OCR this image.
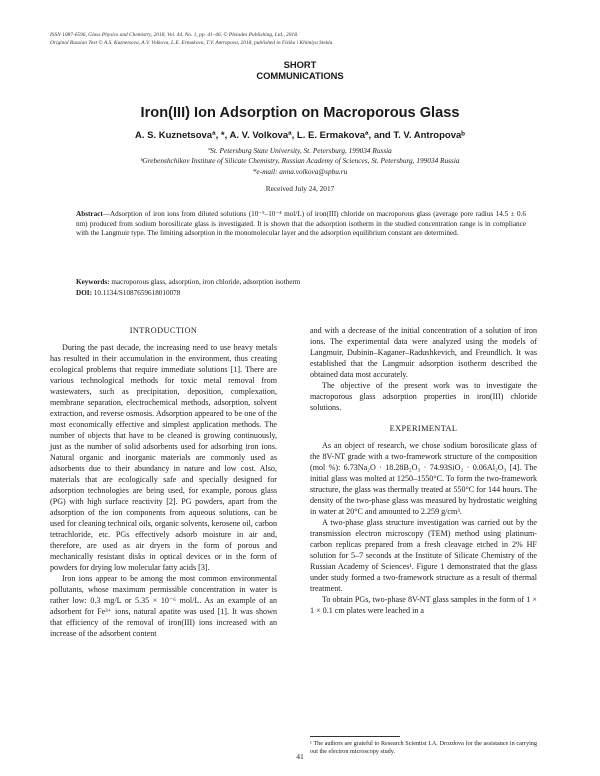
ISSN 1087-6596, Glass Physics and Chemistry, 2018, Vol. 44, No. 1, pp. 41–46. © Pleiades Publishing, Ltd., 2018.
Original Russian Text © A.S. Kuznetsova, A.V. Volkova, L.E. Ermakova, T.V. Antropova, 2018, published in Fizika i Khimiya Stekla.
SHORT
COMMUNICATIONS
Iron(III) Ion Adsorption on Macroporous Glass
A. S. Kuznetsovaª, *, A. V. Volkovaª, L. E. Ermakovaª, and T. V. Antropovaᵇ
ªSt. Petersburg State University, St. Petersburg, 199034 Russia
ᵇGrebenshchikov Institute of Silicate Chemistry, Russian Academy of Sciences, St. Petersburg, 199034 Russia
*e-mail: anna.volkova@spbu.ru
Received July 24, 2017
Abstract—Adsorption of iron ions from diluted solutions (10⁻⁵–10⁻⁴ mol/L) of iron(III) chloride on macroporous glass (average pore radius 14.5 ± 0.6 nm) produced from sodium borosilicate glass is investigated. It is shown that the adsorption isotherm in the studied concentration range is in compliance with the Langmuir type. The limiting adsorption in the monomolecular layer and the adsorption equilibrium constant are determined.
Keywords: macroporous glass, adsorption, iron chloride, adsorption isotherm
DOI: 10.1134/S1087659618010078
INTRODUCTION

During the past decade, the increasing need to use heavy metals has resulted in their accumulation in the environment, thus creating ecological problems that require immediate solutions [1]. There are various technological methods for toxic metal removal from wastewaters, such as precipitation, deposition, complexation, membrane separation, electrochemical methods, adsorption, solvent extraction, and reverse osmosis. Adsorption appeared to be one of the most economically effective and simplest application methods. The number of objects that have to be cleaned is growing continuously, just as the number of solid adsorbents used for adsorbing iron ions. Natural organic and inorganic materials are commonly used as adsorbents due to their abundancy in nature and low cost. Also, materials that are ecologically safe and specially designed for adsorption technologies are being used, for example, porous glass (PG) with high surface reactivity [2]. PG powders, apart from the adsorption of the ion components from aqueous solutions, can be used for cleaning technical oils, organic solvents, kerosene oil, carbon tetrachloride, etc. PGs effectively adsorb moisture in air and, therefore, are used as air dryers in the form of porous and mechanically resistant disks in optical devices or in the form of powders for drying low molecular fatty acids [3].

Iron ions appear to be among the most common environmental pollutants, whose maximum permissible concentration in water is rather low: 0.3 mg/L or 5.35 × 10⁻⁶ mol/L. As an example of an adsorbent for Fe³⁺ ions, natural apatite was used [1]. It was shown that efficiency of the removal of iron(III) ions increased with an increase of the adsorbent content

and with a decrease of the initial concentration of a solution of iron ions. The experimental data were analyzed using the models of Langmuir, Dubinin–Kaganer–Radushkevich, and Freundlich. It was established that the Langmuir adsorption isotherm described the obtained data most accurately.

The objective of the present work was to investigate the macroporous glass adsorption properties in iron(III) chloride solutions.

EXPERIMENTAL

As an object of research, we chose sodium borosilicate glass of the 8V-NT grade with a two-framework structure of the composition (mol %): 6.73Na₂O · 18.28B₂O₃ · 74.93SiO₂ · 0.06Al₂O₃ [4]. The initial glass was molted at 1250–1550°C. To form the two-framework structure, the glass was thermally treated at 550°C for 144 hours. The density of the two-phase glass was measured by hydrostatic weighing in water at 20°C and amounted to 2.259 g/cm³.

A two-phase glass structure investigation was carried out by the transmission electron microscopy (TEM) method using platinum-carbon replicas prepared from a fresh cleavage etched in 2% HF solution for 5–7 seconds at the Institute of Silicate Chemistry of the Russian Academy of Sciences¹. Figure 1 demonstrated that the glass under study formed a two-framework structure as a result of thermal treatment.

To obtain PGs, two-phase 8V-NT glass samples in the form of 1 × 1 × 0.1 cm plates were leached in a

¹ The authors are grateful to Research Scientist I.A. Drozdova for the assistance in carrying out the electron microscopy study.
41
